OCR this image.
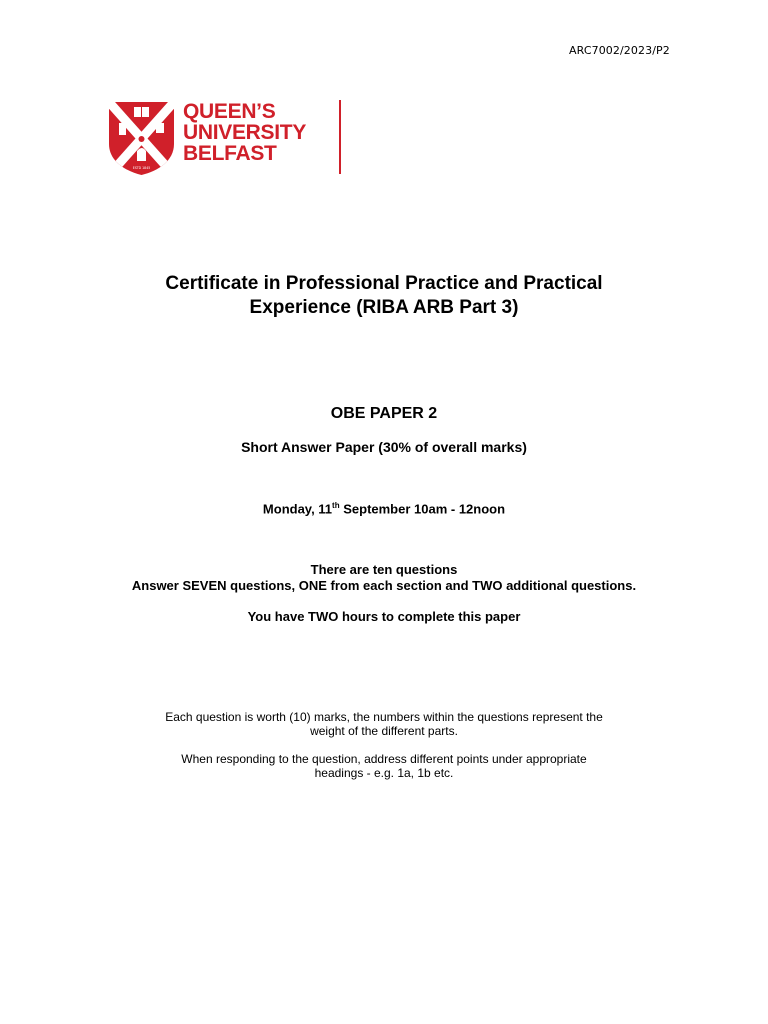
ARC7002/2023/P2
ESTD 1845
QUEEN’S
UNIVERSITY
BELFAST
Certificate in Professional Practice and Practical
Experience (RIBA ARB Part 3)
OBE PAPER 2
Short Answer Paper (30% of overall marks)
Monday, 11th September 10am - 12noon
There are ten questions
Answer SEVEN questions, ONE from each section and TWO additional questions.
You have TWO hours to complete this paper
Each question is worth (10) marks, the numbers within the questions represent the
weight of the different parts.
When responding to the question, address different points under appropriate
headings - e.g. 1a, 1b etc.
